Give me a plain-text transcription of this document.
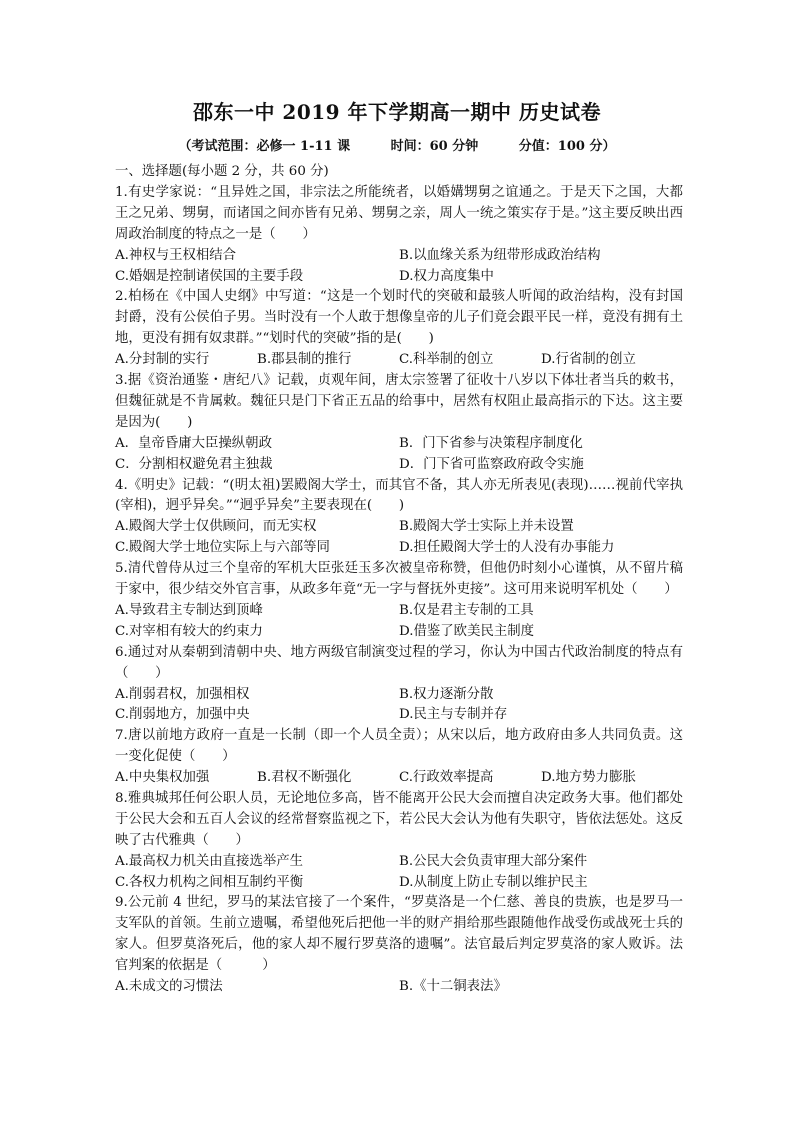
邵东一中 2019 年下学期高一期中 历史试卷
（考试范围：必修一 1-11 课	时间：60 分钟	分值：100 分）
一、选择题(每小题 2 分，共 60 分)
1.有史学家说：“且异姓之国，非宗法之所能统者，以婚媾甥舅之谊通之。于是天下之国，大都王之兄弟、甥舅，而诸国之间亦皆有兄弟、甥舅之亲，周人一统之策实存于是。”这主要反映出西周政治制度的特点之一是（　　）
A.神权与王权相结合	B.以血缘关系为纽带形成政治结构
C.婚姻是控制诸侯国的主要手段	D.权力高度集中
2.柏杨在《中国人史纲》中写道：“这是一个划时代的突破和最骇人听闻的政治结构，没有封国封爵，没有公侯伯子男。当时没有一个人敢于想像皇帝的儿子们竟会跟平民一样，竟没有拥有土地，更没有拥有奴隶群。”“划时代的突破”指的是(　　)
A.分封制的实行	B.郡县制的推行	C.科举制的创立	D.行省制的创立
3.据《资治通鉴・唐纪八》记载，贞观年间，唐太宗签署了征收十八岁以下体壮者当兵的敕书，但魏征就是不肯属敕。魏征只是门下省正五品的给事中，居然有权阻止最高指示的下达。这主要是因为(　　)
A．皇帝昏庸大臣操纵朝政	B．门下省参与决策程序制度化
C．分割相权避免君主独裁	D．门下省可监察政府政令实施
4.《明史》记载：“(明太祖)罢殿阁大学士，而其官不备，其人亦无所表见(表现)……视前代宰执(宰相)，迥乎异矣。”“迥乎异矣”主要表现在(　　)
A.殿阁大学士仅供顾问，而无实权	B.殿阁大学士实际上并未设置
C.殿阁大学士地位实际上与六部等同	D.担任殿阁大学士的人没有办事能力
5.清代曾侍从过三个皇帝的军机大臣张廷玉多次被皇帝称赞，但他仍时刻小心谨慎，从不留片稿于家中，很少结交外官言事，从政多年竟“无一字与督抚外吏接”。这可用来说明军机处（　　）
A.导致君主专制达到顶峰	B.仅是君主专制的工具
C.对宰相有较大的约束力	D.借鉴了欧美民主制度
6.通过对从秦朝到清朝中央、地方两级官制演变过程的学习，你认为中国古代政治制度的特点有（　　）
A.削弱君权，加强相权	B.权力逐渐分散
C.削弱地方，加强中央	D.民主与专制并存
7.唐以前地方政府一直是一长制（即一个人员全责）；从宋以后，地方政府由多人共同负责。这一变化促使（　　）
A.中央集权加强	B.君权不断强化	C.行政效率提高	D.地方势力膨胀
8.雅典城邦任何公职人员，无论地位多高，皆不能离开公民大会而擅自决定政务大事。他们都处于公民大会和五百人会议的经常督察监视之下，若公民大会认为他有失职守，皆依法惩处。这反映了古代雅典（　　）
A.最高权力机关由直接选举产生	B.公民大会负责审理大部分案件
C.各权力机构之间相互制约平衡	D.从制度上防止专制以维护民主
9.公元前 4 世纪，罗马的某法官接了一个案件，“罗莫洛是一个仁慈、善良的贵族，也是罗马一支军队的首领。生前立遗嘱，希望他死后把他一半的财产捐给那些跟随他作战受伤或战死士兵的家人。但罗莫洛死后，他的家人却不履行罗莫洛的遗嘱”。法官最后判定罗莫洛的家人败诉。法官判案的依据是（　　　）
A.未成文的习惯法	B.《十二铜表法》
